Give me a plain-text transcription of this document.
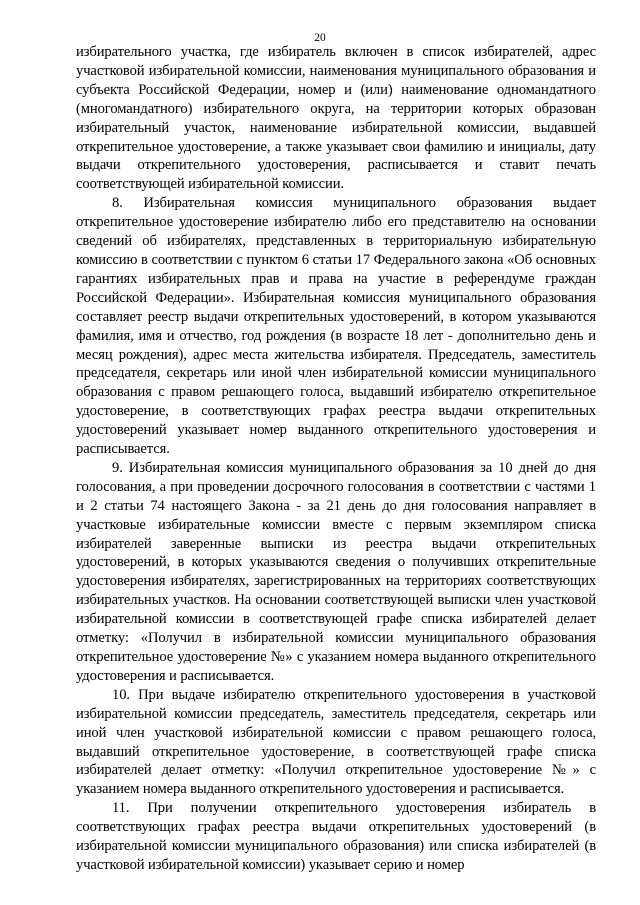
20

избирательного участка, где избиратель включен в список избирателей, адрес участковой избирательной комиссии, наименования муниципального образования и субъекта Российской Федерации, номер и (или) наименование одномандатного (многомандатного) избирательного округа, на территории которых образован избирательный участок, наименование избирательной комиссии, выдавшей открепительное удостоверение, а также указывает свои фамилию и инициалы, дату выдачи открепительного удостоверения, расписывается и ставит печать соответствующей избирательной комиссии.

8. Избирательная комиссия муниципального образования выдает открепительное удостоверение избирателю либо его представителю на основании сведений об избирателях, представленных в территориальную избирательную комиссию в соответствии с пунктом 6 статьи 17 Федерального закона «Об основных гарантиях избирательных прав и права на участие в референдуме граждан Российской Федерации». Избирательная комиссия муниципального образования составляет реестр выдачи открепительных удостоверений, в котором указываются фамилия, имя и отчество, год рождения (в возрасте 18 лет - дополнительно день и месяц рождения), адрес места жительства избирателя. Председатель, заместитель председателя, секретарь или иной член избирательной комиссии муниципального образования с правом решающего голоса, выдавший избирателю открепительное удостоверение, в соответствующих графах реестра выдачи открепительных удостоверений указывает номер выданного открепительного удостоверения и расписывается.

9. Избирательная комиссия муниципального образования за 10 дней до дня голосования, а при проведении досрочного голосования в соответствии с частями 1 и 2 статьи 74 настоящего Закона - за 21 день до дня голосования направляет в участковые избирательные комиссии вместе с первым экземпляром списка избирателей заверенные выписки из реестра выдачи открепительных удостоверений, в которых указываются сведения о получивших открепительные удостоверения избирателях, зарегистрированных на территориях соответствующих избирательных участков. На основании соответствующей выписки член участковой избирательной комиссии в соответствующей графе списка избирателей делает отметку: «Получил в избирательной комиссии муниципального образования открепительное удостоверение №» с указанием номера выданного открепительного удостоверения и расписывается.

10. При выдаче избирателю открепительного удостоверения в участковой избирательной комиссии председатель, заместитель председателя, секретарь или иной член участковой избирательной комиссии с правом решающего голоса, выдавший открепительное удостоверение, в соответствующей графе списка избирателей делает отметку: «Получил открепительное удостоверение №» с указанием номера выданного открепительного удостоверения и расписывается.

11. При получении открепительного удостоверения избиратель в соответствующих графах реестра выдачи открепительных удостоверений (в избирательной комиссии муниципального образования) или списка избирателей (в участковой избирательной комиссии) указывает серию и номер
